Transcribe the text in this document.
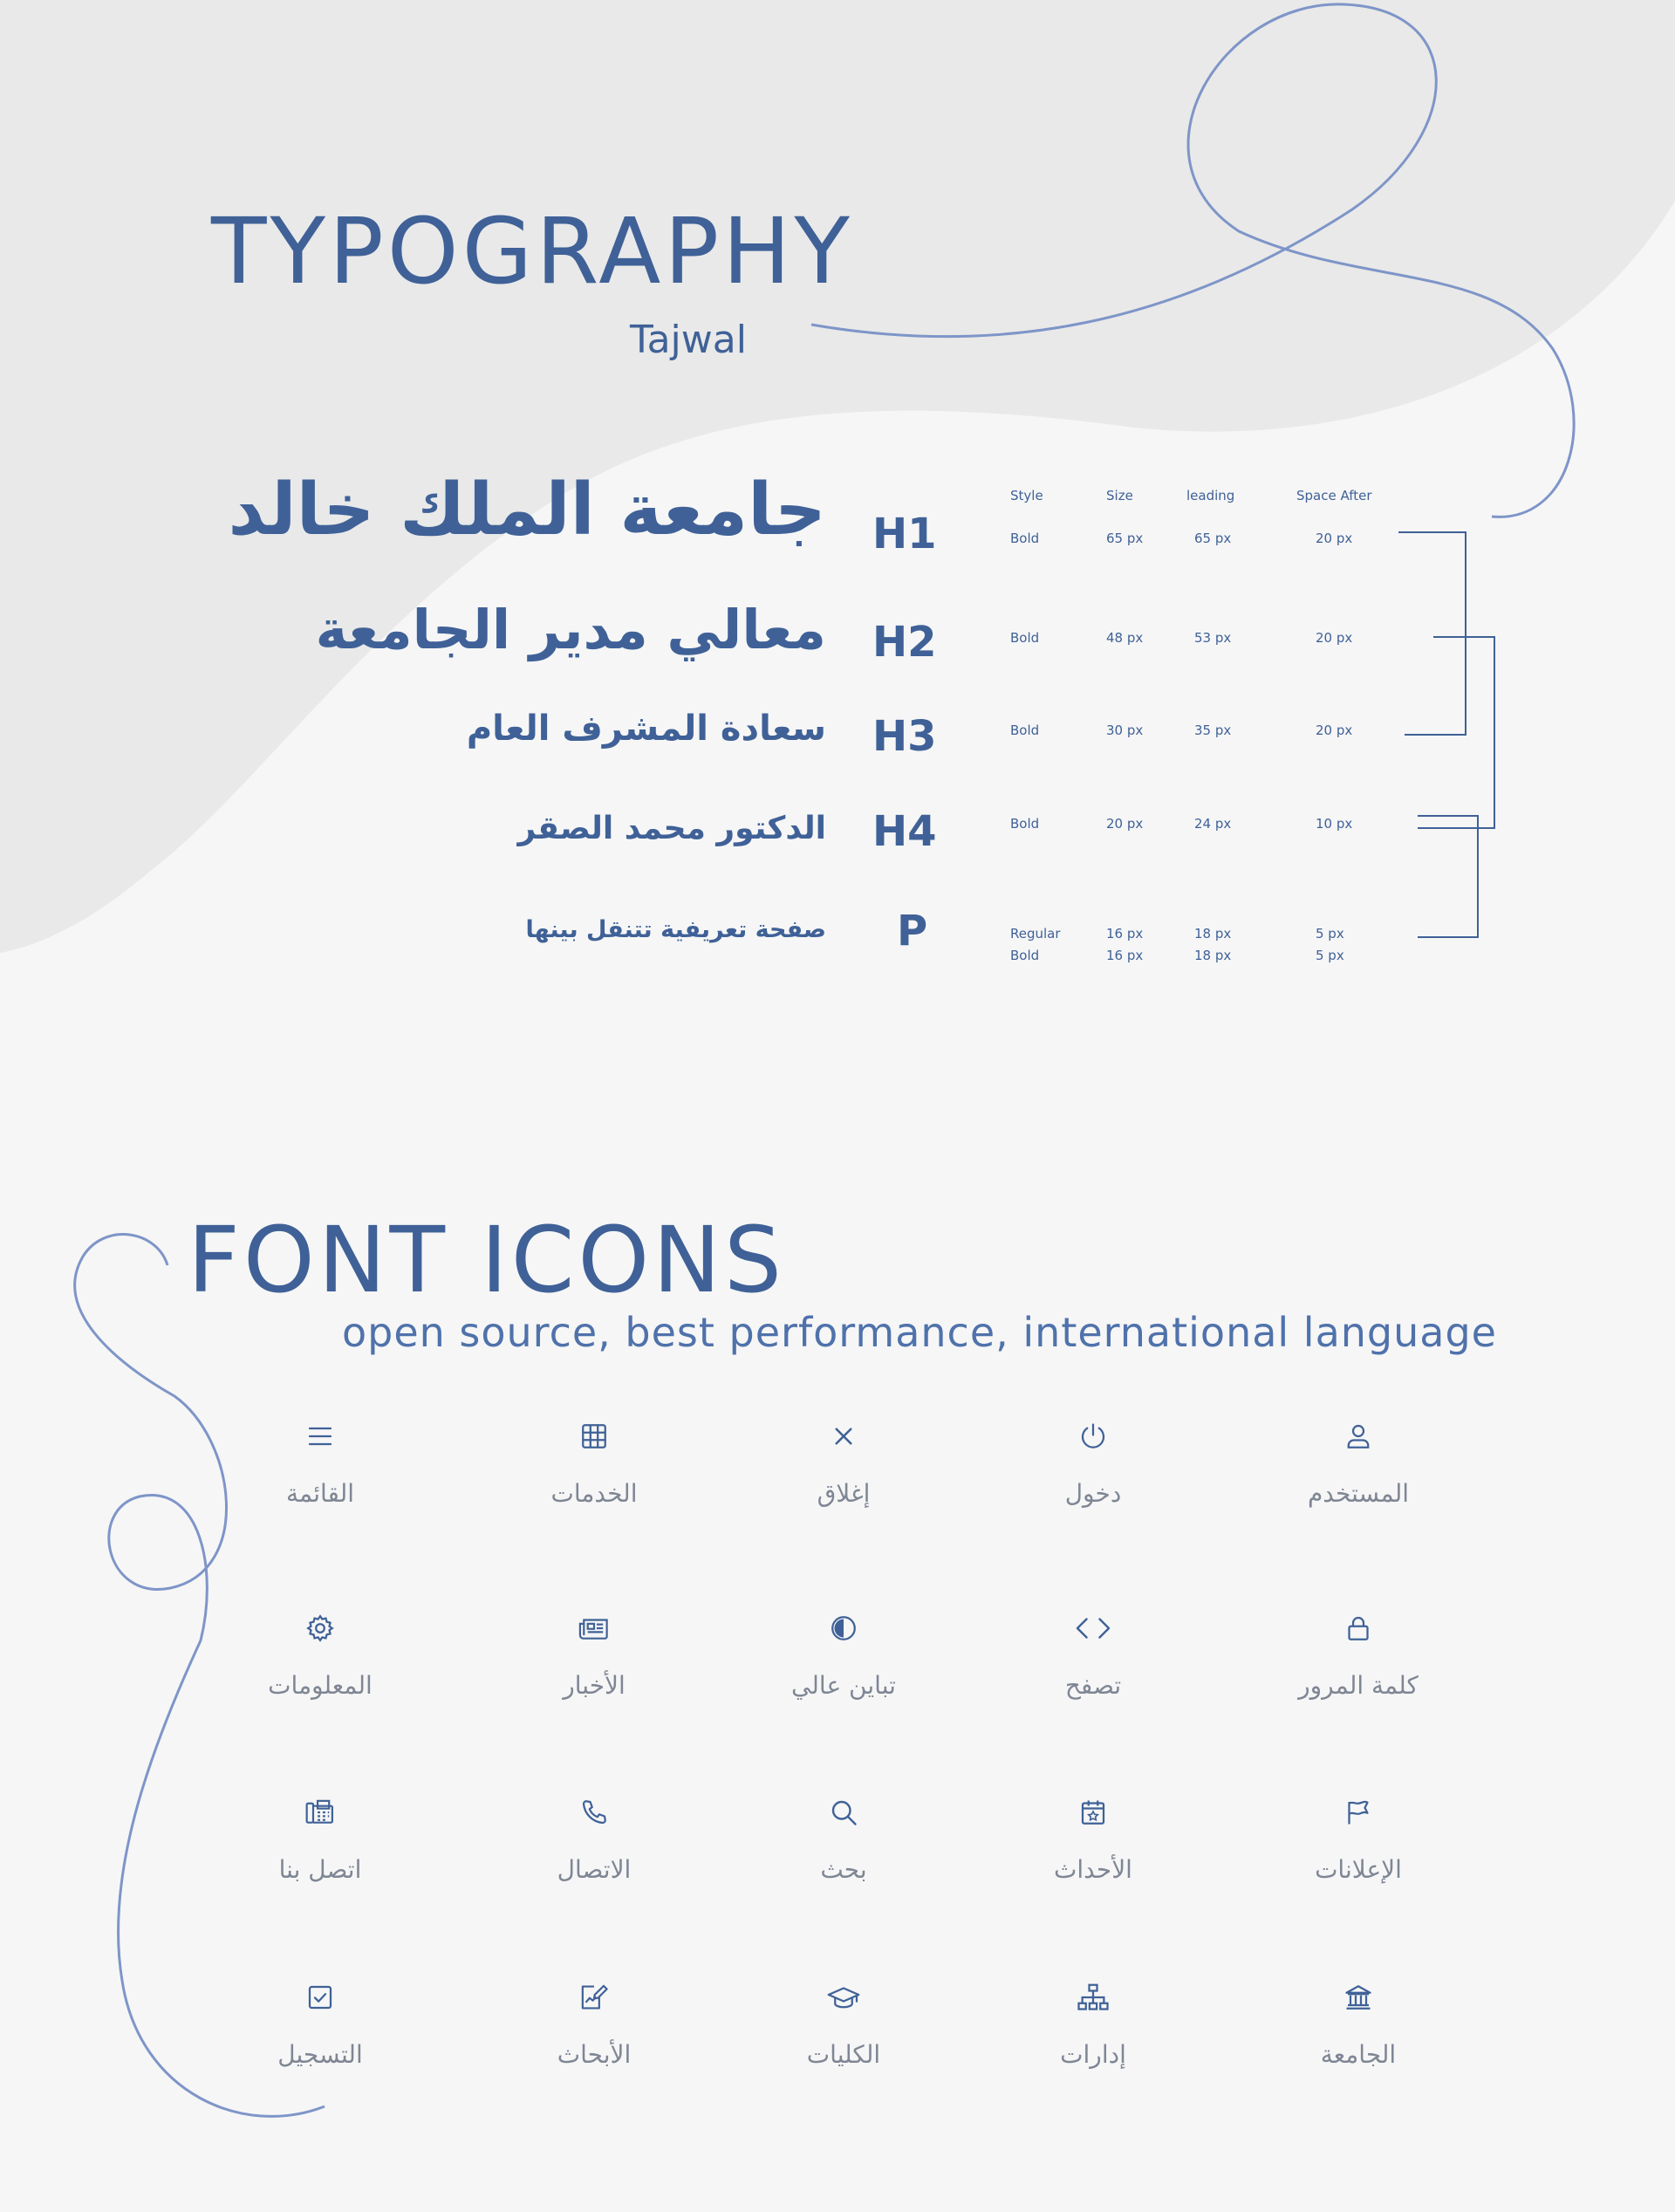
TYPOGRAPHY
Tajwal
جامعة الملك خالد
معالي مدير الجامعة
سعادة المشرف العام
الدكتور محمد الصقر
صفحة تعريفية تتنقل بينها
H1
H2
H3
H4
P
Style	Size	leading	Space After
Bold	65 px	65 px	20 px
Bold	48 px	53 px	20 px
Bold	30 px	35 px	20 px
Bold	20 px	24 px	10 px
Regular	16 px	18 px	5 px
Bold	16 px	18 px	5 px
FONT ICONS
open source, best performance, international language
القائمة	الخدمات	إغلاق	دخول	المستخدم
المعلومات	الأخبار	تباين عالي	تصفح	كلمة المرور
اتصل بنا	الاتصال	بحث	الأحداث	الإعلانات
التسجيل	الأبحاث	الكليات	إدارات	الجامعة
